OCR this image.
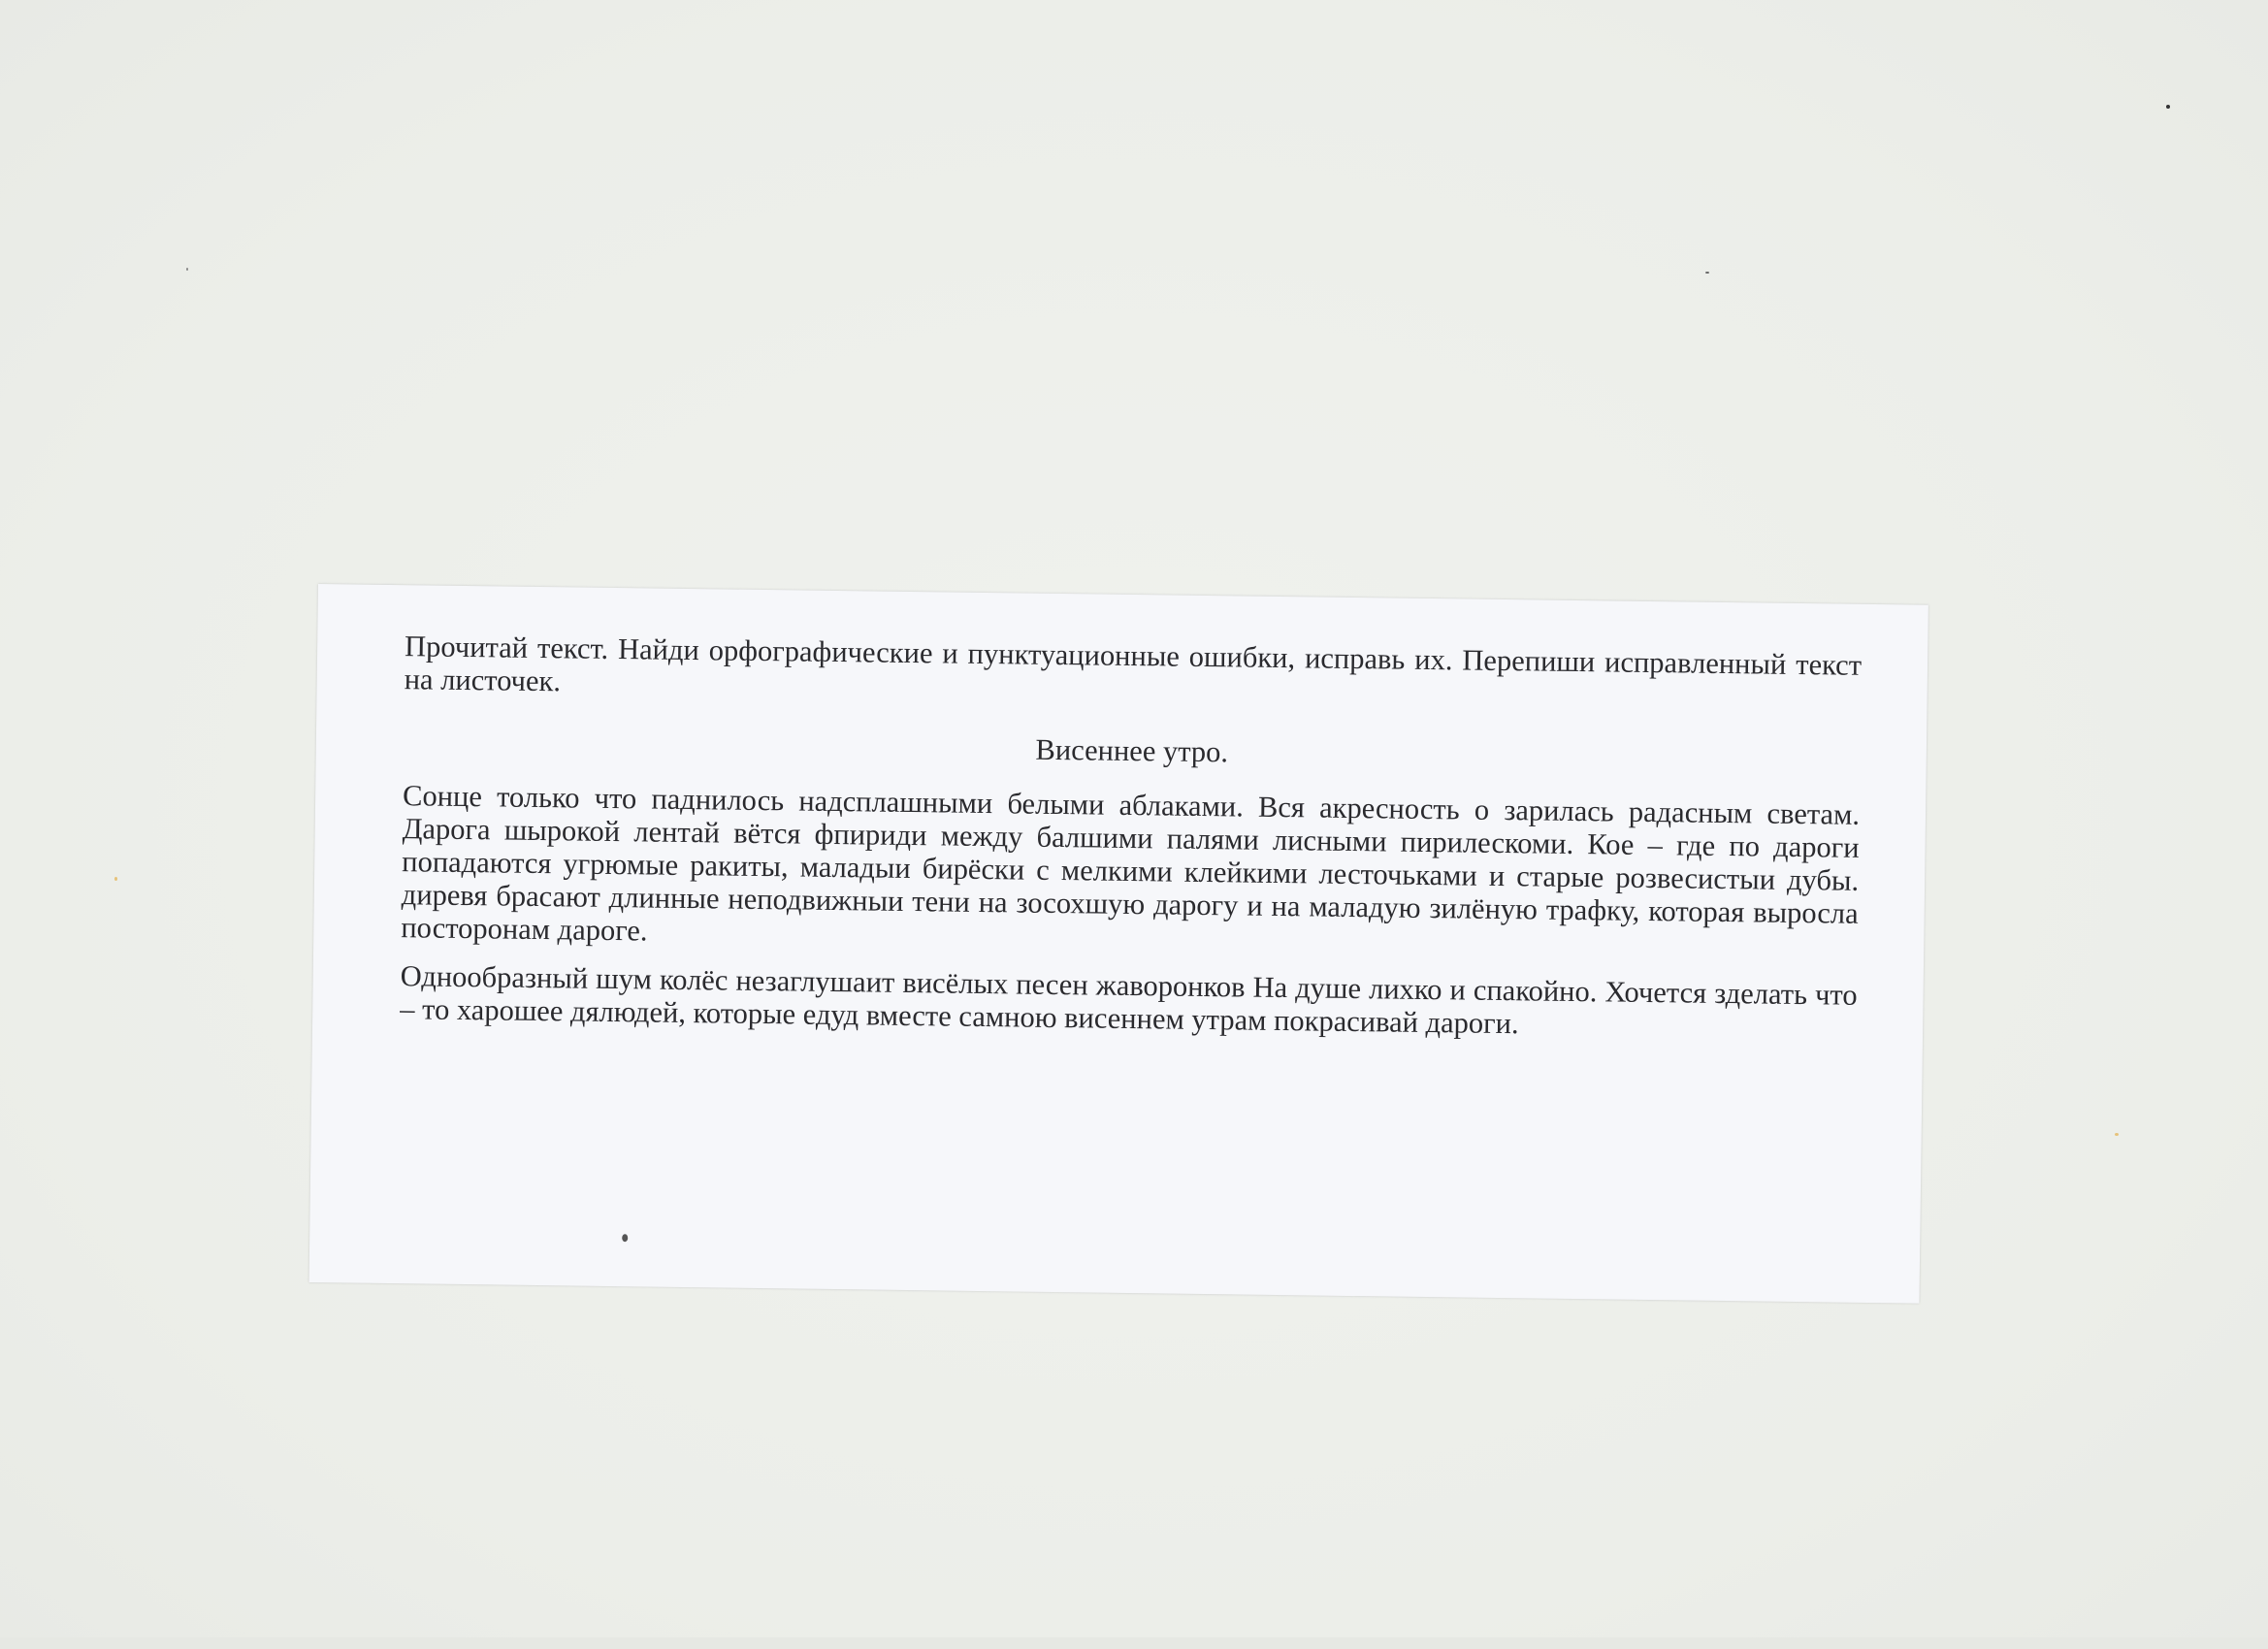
Прочитай текст. Найди орфографические и пунктуационные ошибки, исправь их. Перепиши исправленный текст на листочек.

Висеннее утро.

Сонце только что паднилось надсплашными белыми аблаками. Вся акресность о зарилась радасным светам. Дарога шырокой лентай вётся фпириди между балшими палями лисными пирилескоми. Кое – где по дароги попадаются угрюмые ракиты, маладыи бирёски с мелкими клейкими лесточьками и старые розвесистыи дубы. диревя брасают длинные неподвижныи тени на зосохшую дарогу и на маладую зилёную трафку, которая выросла посторонам дароге.

Однообразный шум колёс незаглушаит висёлых песен жаворонков На душе лихко и спакойно. Хочется зделать что – то харошее дялюдей, которые едуд вместе самною висеннем утрам покрасивай дароги.
